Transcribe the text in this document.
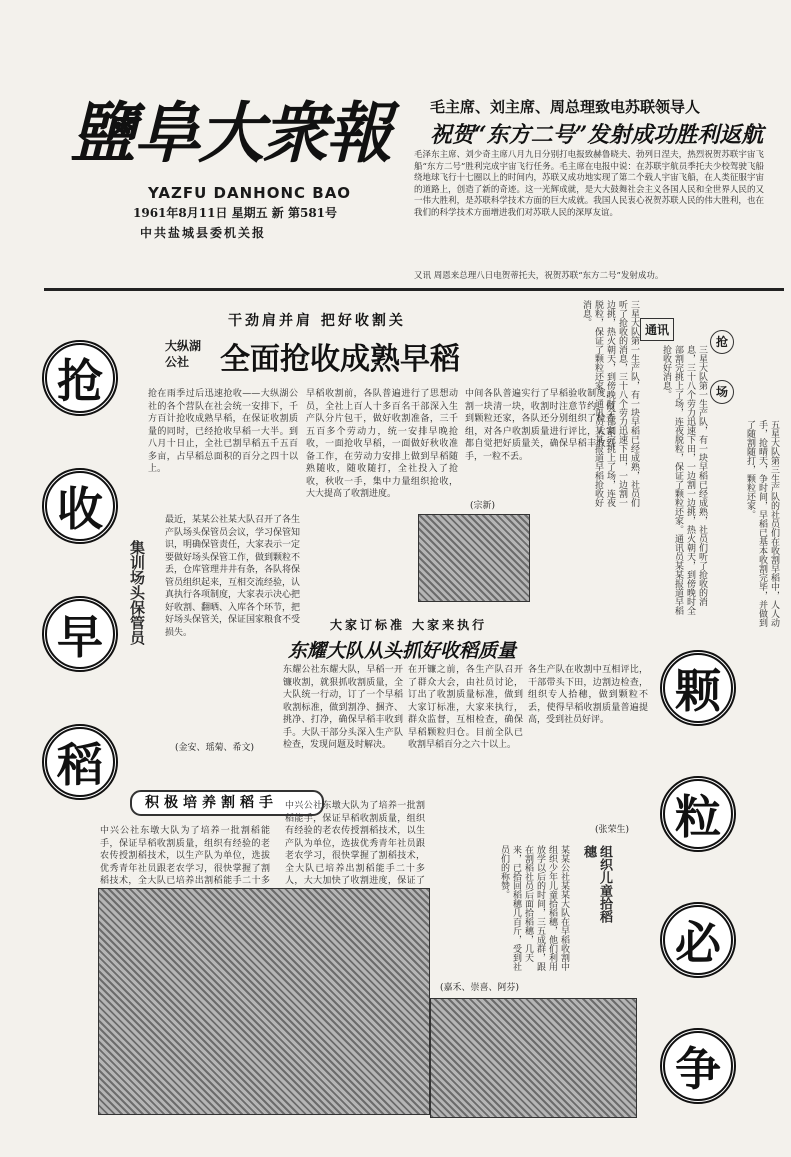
鹽阜大衆報
YAZFU DANHONC BAO
1961年8月11日 星期五 新 第581号
中共盐城县委机关报
毛主席、刘主席、周总理致电苏联领导人
祝贺“东方二号”发射成功胜利返航
毛泽东主席、刘少奇主席八月九日分别打电报致赫鲁晓夫、勃列日涅夫，热烈祝贺苏联宇宙飞船“东方二号”胜利完成宇宙飞行任务。毛主席在电报中说：在苏联宇航员季托夫少校驾驶飞船绕地球飞行十七圈以上的时间内，苏联又成功地实现了第二个载人宇宙飞船，在人类征服宇宙的道路上，创造了新的奇迹。这一光辉成就，是大大鼓舞社会主义各国人民和全世界人民的又一伟大胜利，是苏联科学技术方面的巨大成就。我国人民衷心祝贺苏联人民的伟大胜利，也在我们的科学技术方面增进我们对苏联人民的深厚友谊。
又讯 周恩来总理八日电贺蒂托夫，祝贺苏联“东方二号”发射成功。
抢
收
早
稻
颗
粒
必
争
干劲肩并肩 把好收割关
大纵湖公社	全面抢收成熟早稻
抢在雨季过后迅速抢收——大纵湖公社的各个营队在社会统一安排下，千方百计抢收成熟早稻，在保证收割质量的同时，已经抢收早稻一大半。到八月十日止，全社已割早稻五千五百多亩，占早稻总面积的百分之四十以上。
早稻收割前，各队普遍进行了思想动员，全社上百人十多百名干部深入生产队分片包干，做好收割准备，三千五百多个劳动力，统一安排早晚抢收，一面抢收早稻，一面做好秋收准备工作，在劳动力安排上做到早稻随熟随收，随收随打，全社投入了抢收，秋收一手，集中力量组织抢收，大大提高了收割进度。
中间各队普遍实行了早稻验收制度，割一块清一块，收割时注意节约，做到颗粒还家，各队还分别组织了检查组，对各户收割质量进行评比，大家都自觉把好质量关，确保早稻丰收到手，一粒不丢。
(宗新)
集训场头保管员
最近，某某公社某大队召开了各生产队场头保管员会议，学习保管知识，明确保管责任，大家表示一定要做好场头保管工作，做到颗粒不丢，仓库管理井井有条，各队将保管员组织起来，互相交流经验，认真执行各项制度，大家表示决心把好收割、翻晒、入库各个环节，把好场头保管关，保证国家粮食不受损失。
(金安、瑶菊、希文)
三星大队第一生产队，有一块早稻已经成熟，社员们听了抢收的消息，三十八个劳力迅速下田，一边割一边挑，热火朝天，到傍晚时全部割完挑上了场，连夜脱粒，保证了颗粒还家。通讯员某某报道早稻抢收好消息。
通讯
抢
场
三星大队第一生产队，有一块早稻已经成熟，社员们听了抢收的消息，三十八个劳力迅速下田，一边割一边挑，热火朝天，到傍晚时全部割完挑上了场，连夜脱粒，保证了颗粒还家。通讯员某某报道早稻抢收好消息。
五星大队第三生产队的社员们在收割早稻中，人人动手，抢晴天，争时间，早稻已基本收割完毕，并做到了随割随打，颗粒还家。
大家订标准 大家来执行
东耀大队从头抓好收稻质量
东耀公社东耀大队，早稻一开镰收割，就狠抓收割质量，全大队统一行动，订了一个早稻收割标准，做到割净、捆齐、挑净、打净，确保早稻丰收到手。大队干部分头深入生产队检查，发现问题及时解决。
在开镰之前，各生产队召开了群众大会，由社员讨论，订出了收割质量标准，做到大家订标准，大家来执行，群众监督，互相检查，确保早稻颗粒归仓。目前全队已收割早稻百分之六十以上。
各生产队在收割中互相评比，干部带头下田，边割边检查，组织专人拾穗，做到颗粒不丢，使得早稻收割质量普遍提高，受到社员好评。
(张荣生)
积极培养割稻手
中兴公社东墩大队为了培养一批割稻能手，保证早稻收割质量，组织有经验的老农传授割稻技术，以生产队为单位，选拔优秀青年社员跟老农学习，很快掌握了割稻技术，全大队已培养出割稻能手二十多
中兴公社东墩大队为了培养一批割稻能手，保证早稻收割质量，组织有经验的老农传授割稻技术，以生产队为单位，选拔优秀青年社员跟老农学习，很快掌握了割稻技术，全大队已培养出割稻能手二十多人，大大加快了收割进度，保证了	组织儿童拾稻穗
某某公社某某大队在早稻收割中组织少年儿童拾稻穗，他们利用放学以后的时间，三五成群，跟在割稻社员后面拾稻穗，几天来，已拾回稻穗几百斤，受到社员们的称赞。
(嘉禾、崇喜、阿芬)
